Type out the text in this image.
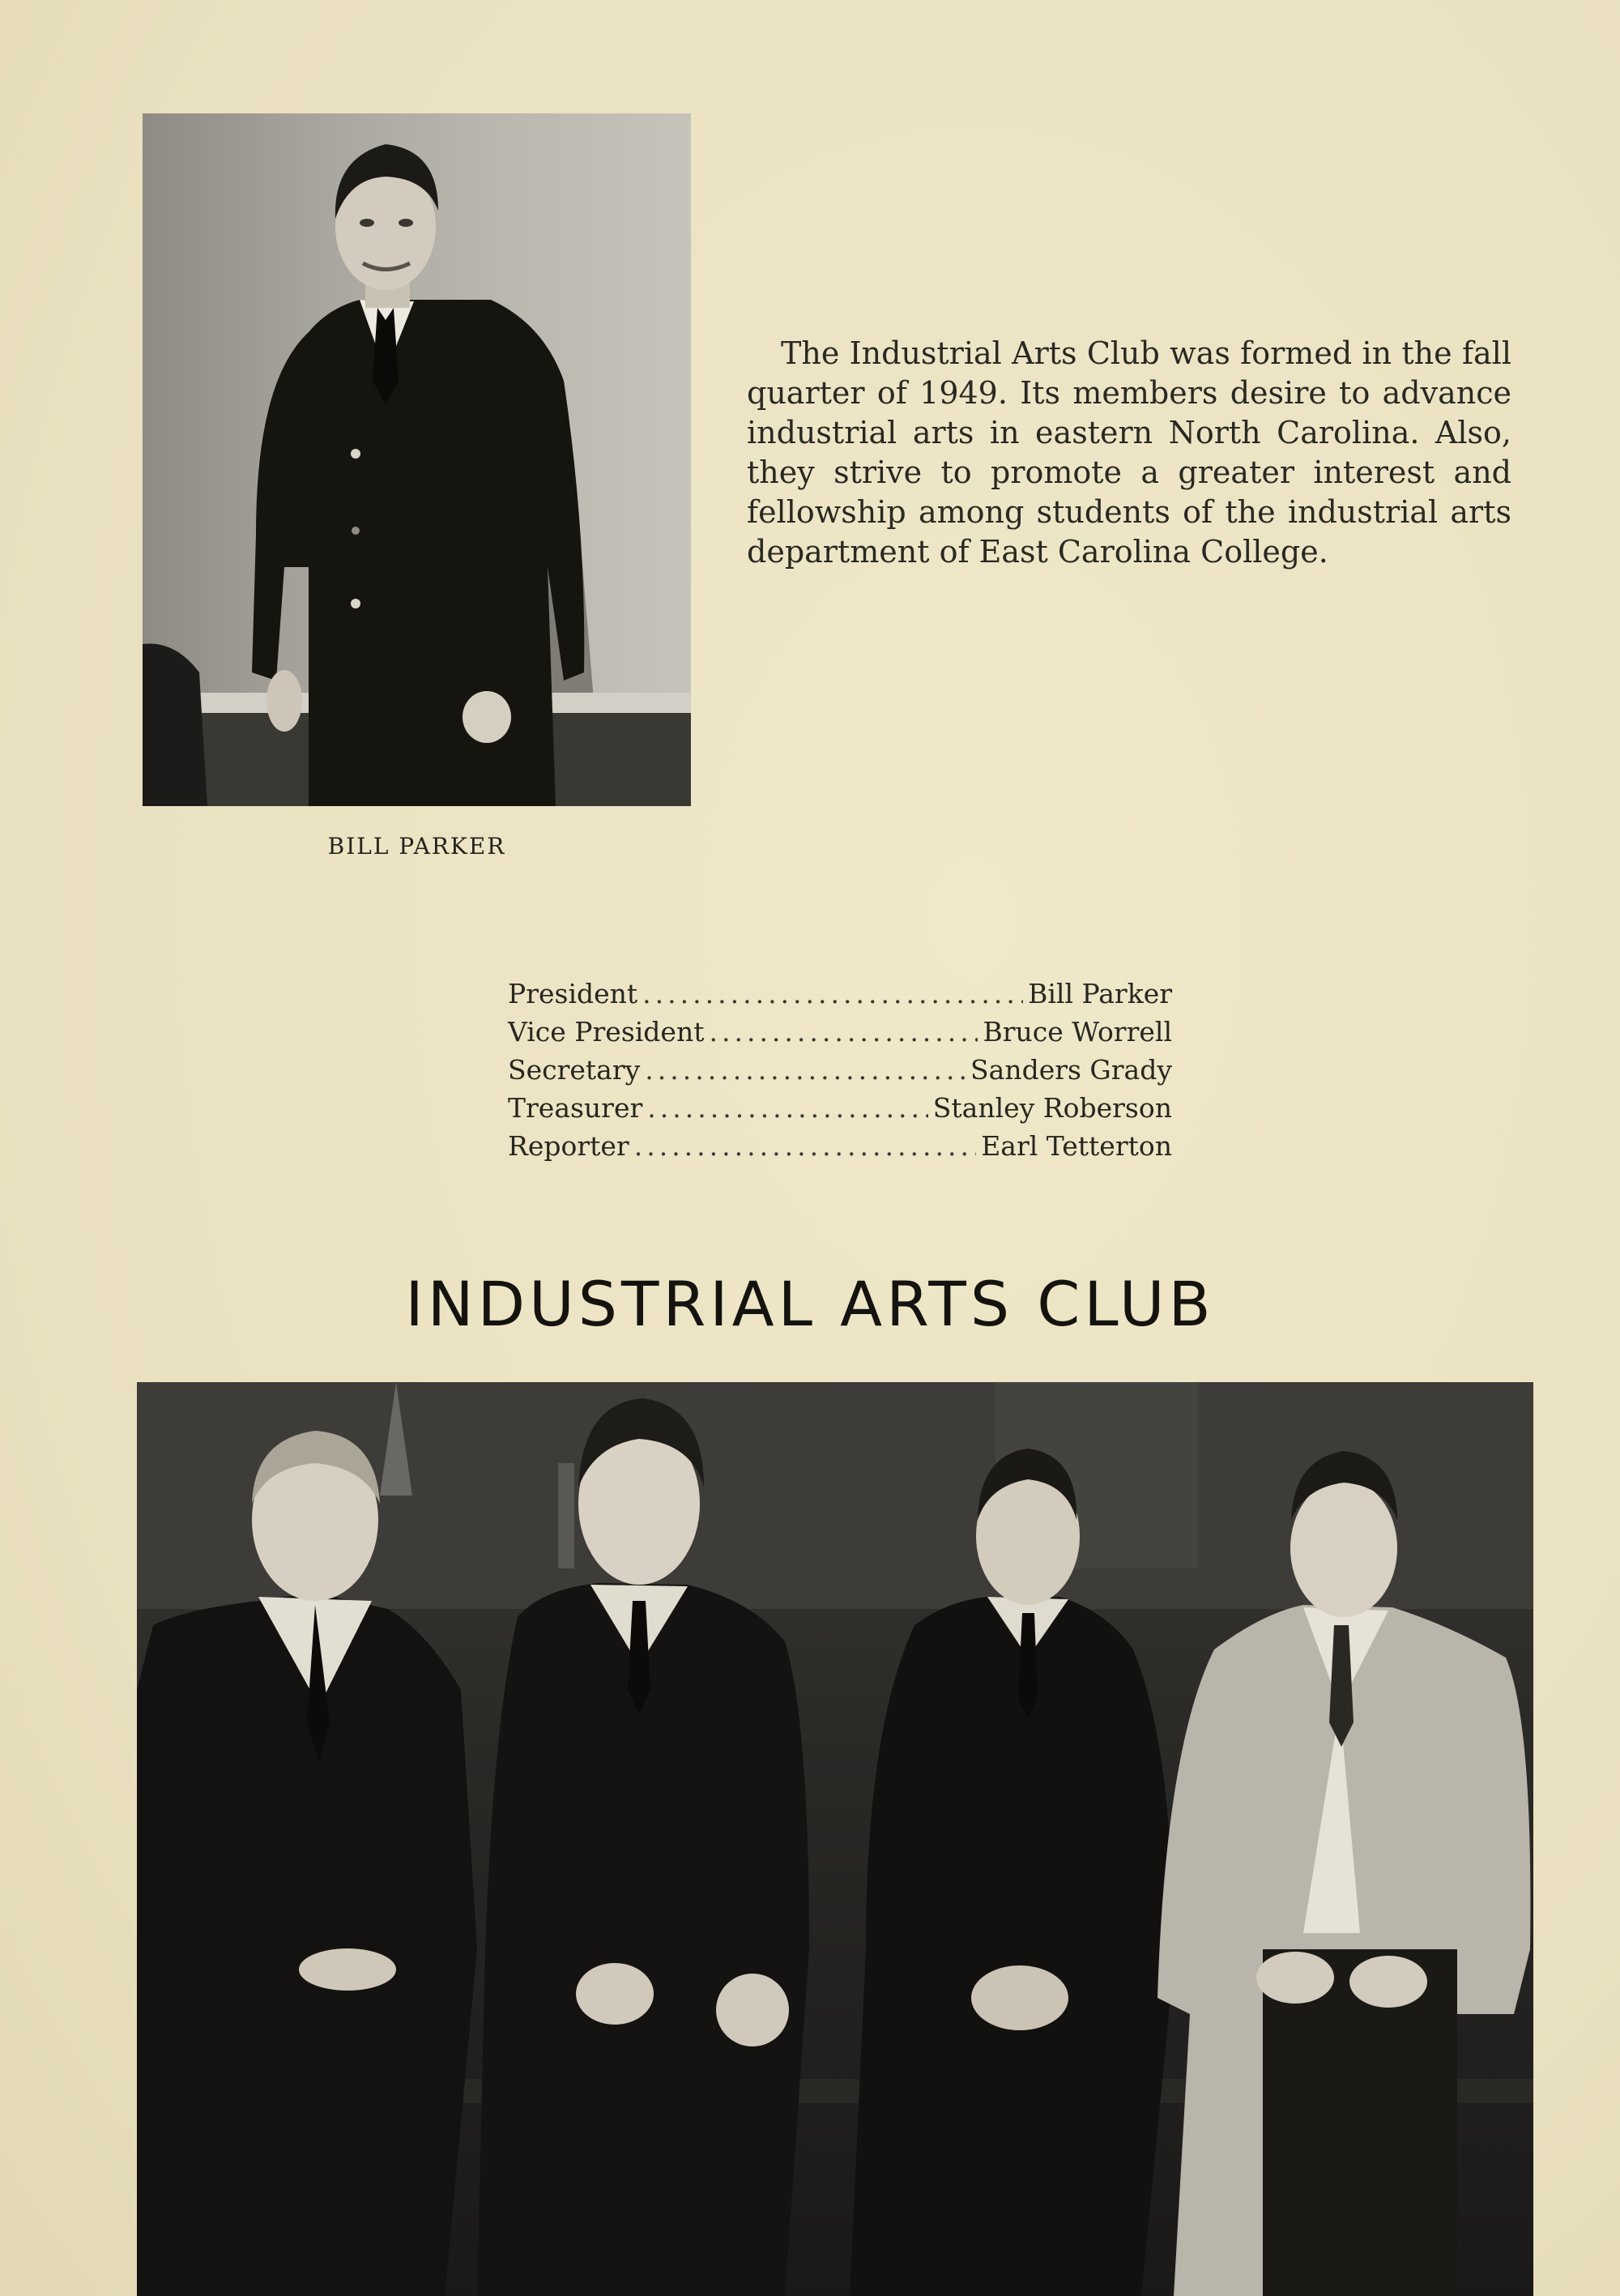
BILL PARKER

The Industrial Arts Club was formed in the fall quarter of 1949. Its members desire to advance industrial arts in eastern North Carolina. Also, they strive to promote a greater interest and fellowship among students of the industrial arts department of East Carolina College.

President .....	Bill Parker
Vice President .....	Bruce Worrell
Secretary .....	Sanders Grady
Treasurer .....	Stanley Roberson
Reporter .....	Earl Tetterton
INDUSTRIAL ARTS CLUB
